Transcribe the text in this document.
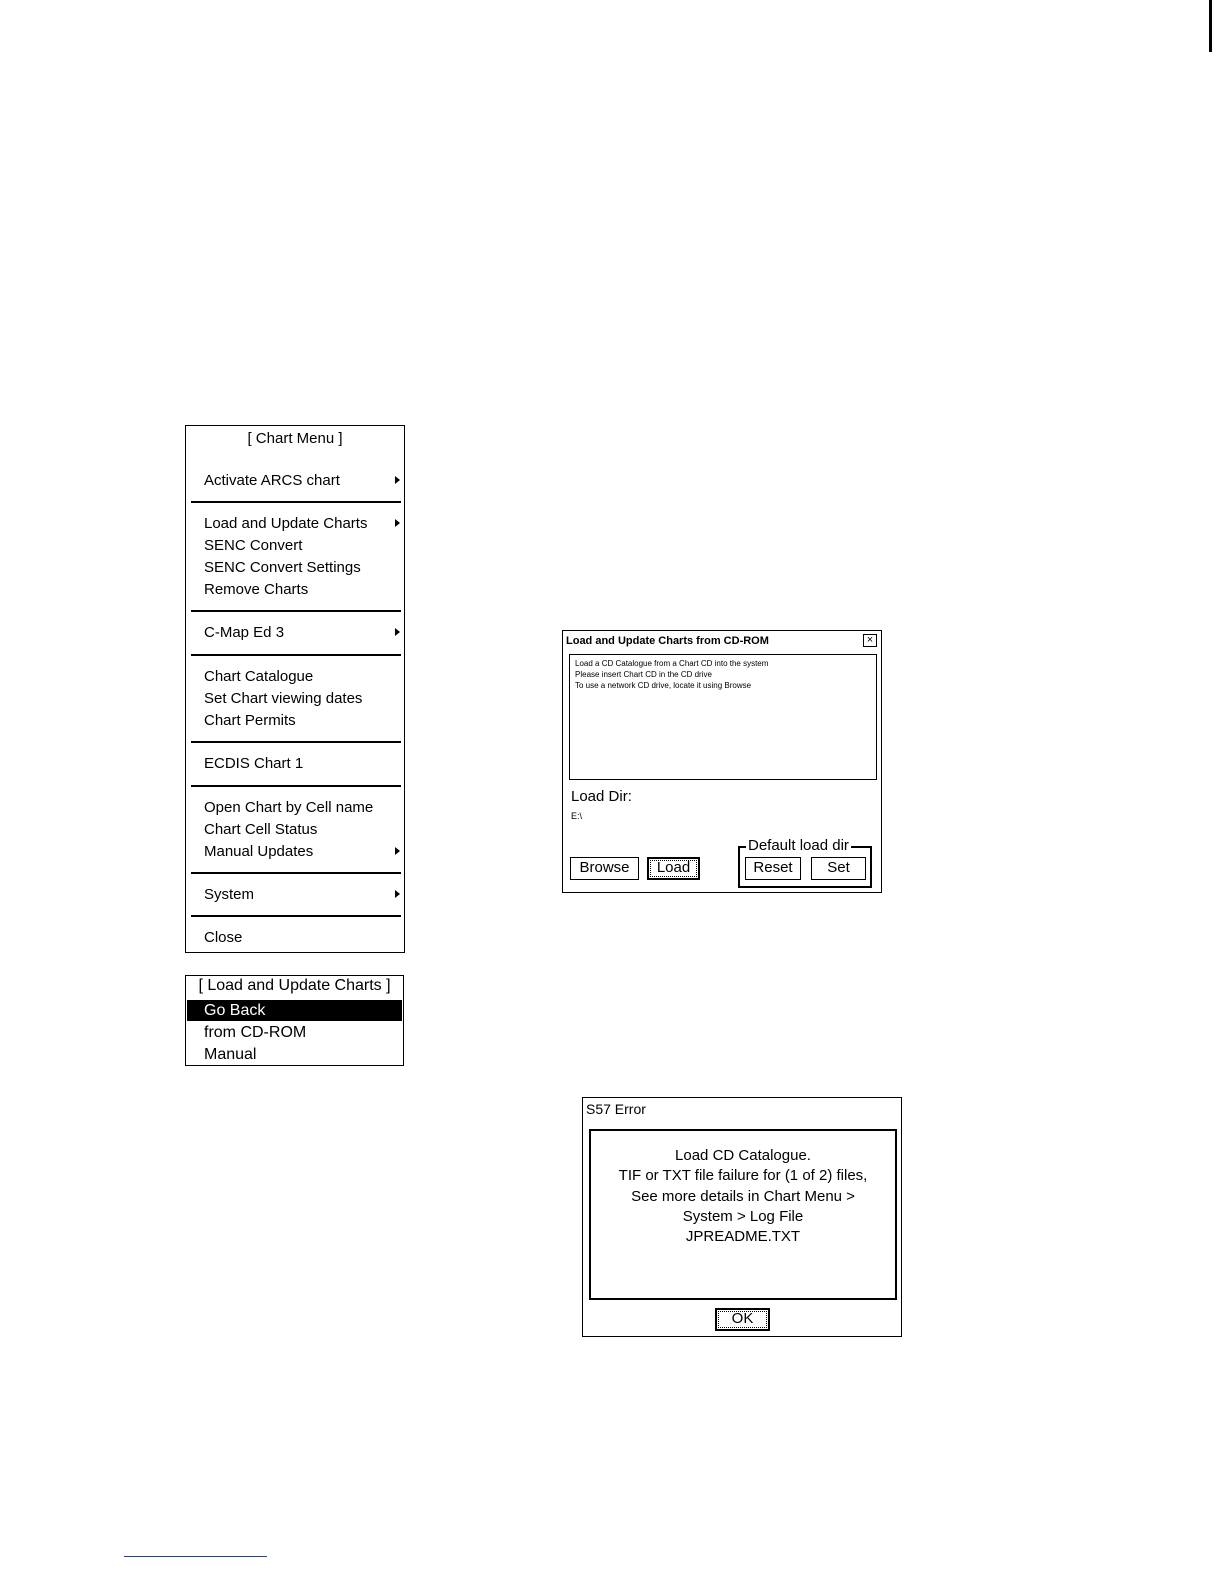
[ Chart Menu ]
Activate ARCS chart
Load and Update Charts
SENC Convert
SENC Convert Settings
Remove Charts
C-Map Ed 3
Chart Catalogue
Set Chart viewing dates
Chart Permits
ECDIS Chart 1
Open Chart by Cell name
Chart Cell Status
Manual Updates
System
Close
[ Load and Update Charts ]
Go Back
from CD-ROM
Manual
Load and Update Charts from CD-ROM	×
Load a CD Catalogue from a Chart CD into the system
Please insert Chart CD in the CD drive
To use a network CD drive, locate it using Browse
Load Dir:
E:\
Browse	Load
Default load dir
Reset	Set
S57 Error
Load CD Catalogue.
TIF or TXT file failure for (1 of 2) files,
See more details in Chart Menu >
System > Log File
JPREADME.TXT
OK
